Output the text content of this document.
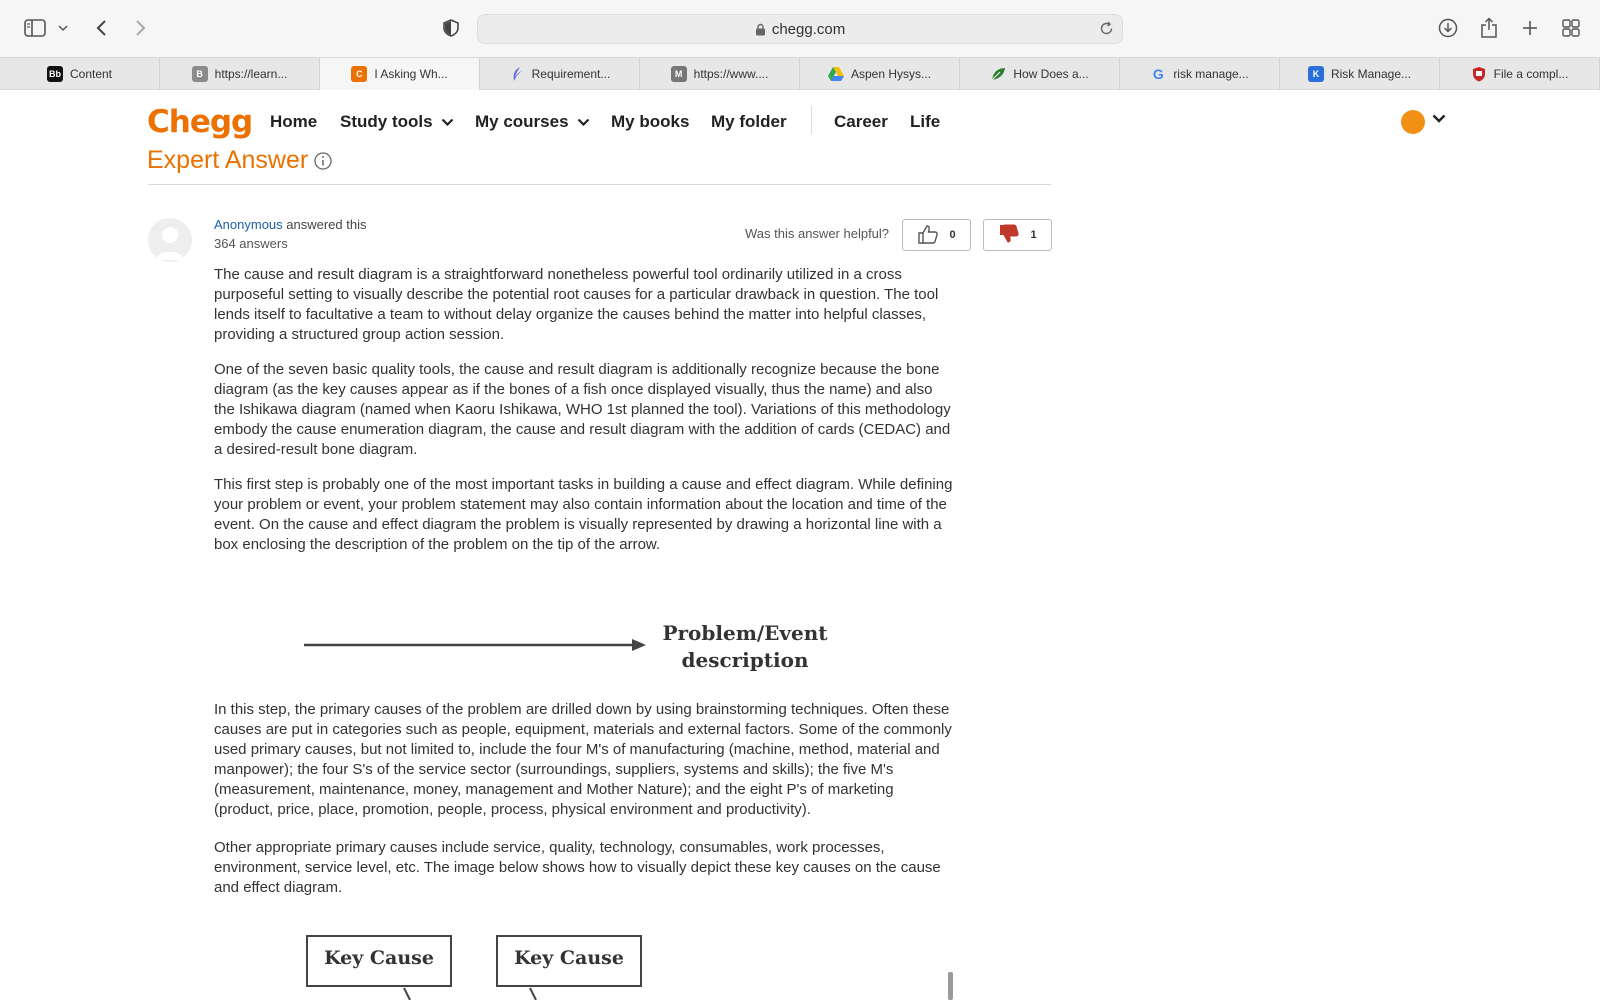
chegg.com
Bb Content	B https://learn...	C I Asking Wh...	Requirement...	M https://www....	Aspen Hysys...	How Does a...	G risk manage...	K Risk Manage...	File a compl...
Chegg Home Study tools My courses My books My folder	Career Life
Expert Answer
Anonymous answered this
364 answers
Was this answer helpful?	0	1

The cause and result diagram is a straightforward nonetheless powerful tool ordinarily utilized in a cross purposeful setting to visually describe the potential root causes for a particular drawback in question. The tool lends itself to facultative a team to without delay organize the causes behind the matter into helpful classes, providing a structured group action session.

One of the seven basic quality tools, the cause and result diagram is additionally recognize because the bone diagram (as the key causes appear as if the bones of a fish once displayed visually, thus the name) and also the Ishikawa diagram (named when Kaoru Ishikawa, WHO 1st planned the tool). Variations of this methodology embody the cause enumeration diagram, the cause and result diagram with the addition of cards (CEDAC) and a desired-result bone diagram.

This first step is probably one of the most important tasks in building a cause and effect diagram. While defining your problem or event, your problem statement may also contain information about the location and time of the event. On the cause and effect diagram the problem is visually represented by drawing a horizontal line with a box enclosing the description of the problem on the tip of the arrow.

Problem/Event
description

In this step, the primary causes of the problem are drilled down by using brainstorming techniques. Often these causes are put in categories such as people, equipment, materials and external factors. Some of the commonly used primary causes, but not limited to, include the four M's of manufacturing (machine, method, material and manpower); the four S's of the service sector (surroundings, suppliers, systems and skills); the five M's (measurement, maintenance, money, management and Mother Nature); and the eight P's of marketing (product, price, place, promotion, people, process, physical environment and productivity).

Other appropriate primary causes include service, quality, technology, consumables, work processes, environment, service level, etc. The image below shows how to visually depict these key causes on the cause and effect diagram.

Key Cause	Key Cause
